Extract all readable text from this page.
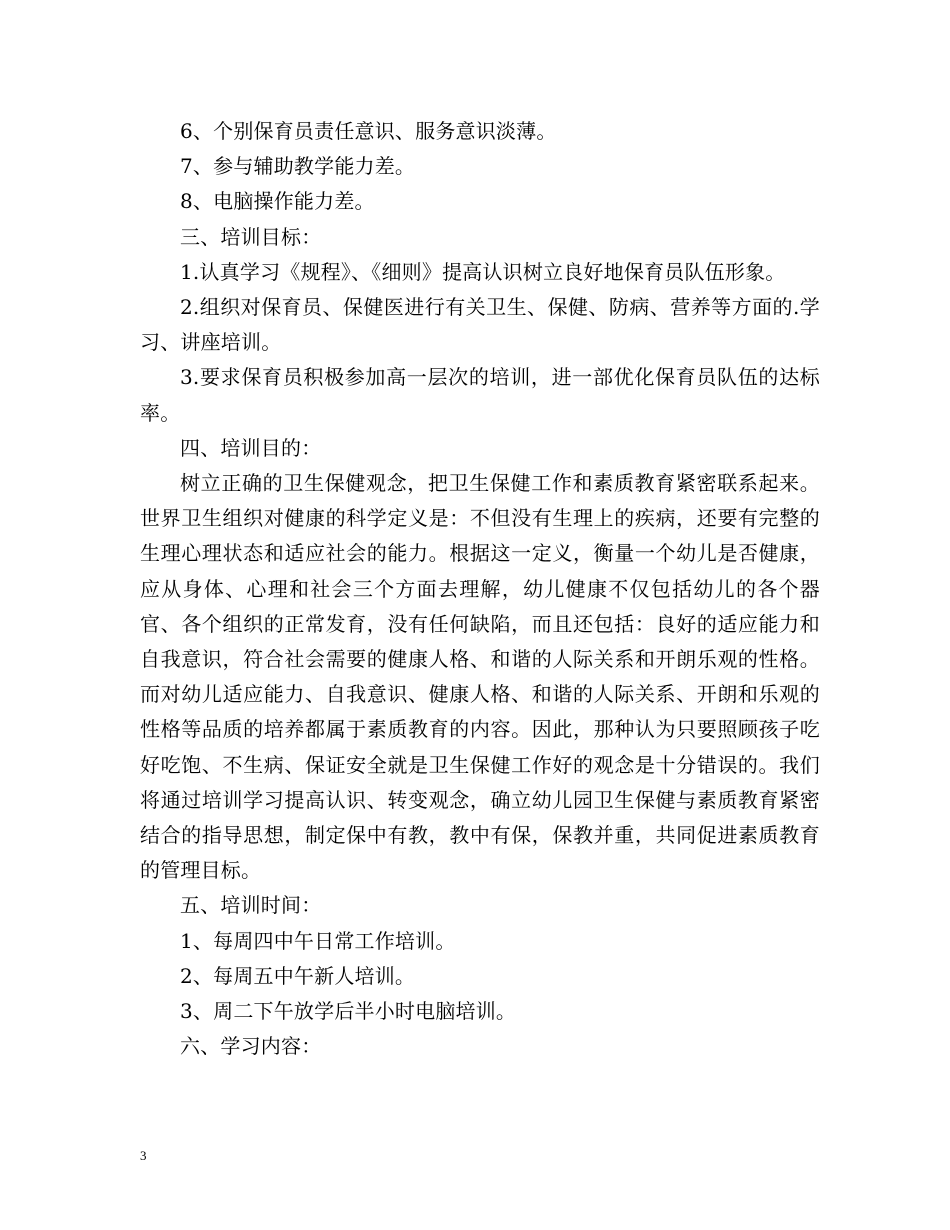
6、个别保育员责任意识、服务意识淡薄。

7、参与辅助教学能力差。

8、电脑操作能力差。

三、培训目标：

1.认真学习《规程》、《细则》提高认识树立良好地保育员队伍形象。

2.组织对保育员、保健医进行有关卫生、保健、防病、营养等方面的.学习、讲座培训。

3.要求保育员积极参加高一层次的培训，进一部优化保育员队伍的达标率。

四、培训目的：

树立正确的卫生保健观念，把卫生保健工作和素质教育紧密联系起来。世界卫生组织对健康的科学定义是：不但没有生理上的疾病，还要有完整的生理心理状态和适应社会的能力。根据这一定义，衡量一个幼儿是否健康，应从身体、心理和社会三个方面去理解，幼儿健康不仅包括幼儿的各个器官、各个组织的正常发育，没有任何缺陷，而且还包括：良好的适应能力和自我意识，符合社会需要的健康人格、和谐的人际关系和开朗乐观的性格。而对幼儿适应能力、自我意识、健康人格、和谐的人际关系、开朗和乐观的性格等品质的培养都属于素质教育的内容。因此，那种认为只要照顾孩子吃好吃饱、不生病、保证安全就是卫生保健工作好的观念是十分错误的。我们将通过培训学习提高认识、转变观念，确立幼儿园卫生保健与素质教育紧密结合的指导思想，制定保中有教，教中有保，保教并重，共同促进素质教育的管理目标。

五、培训时间：

1、每周四中午日常工作培训。

2、每周五中午新人培训。

3、周二下午放学后半小时电脑培训。

六、学习内容：

3
